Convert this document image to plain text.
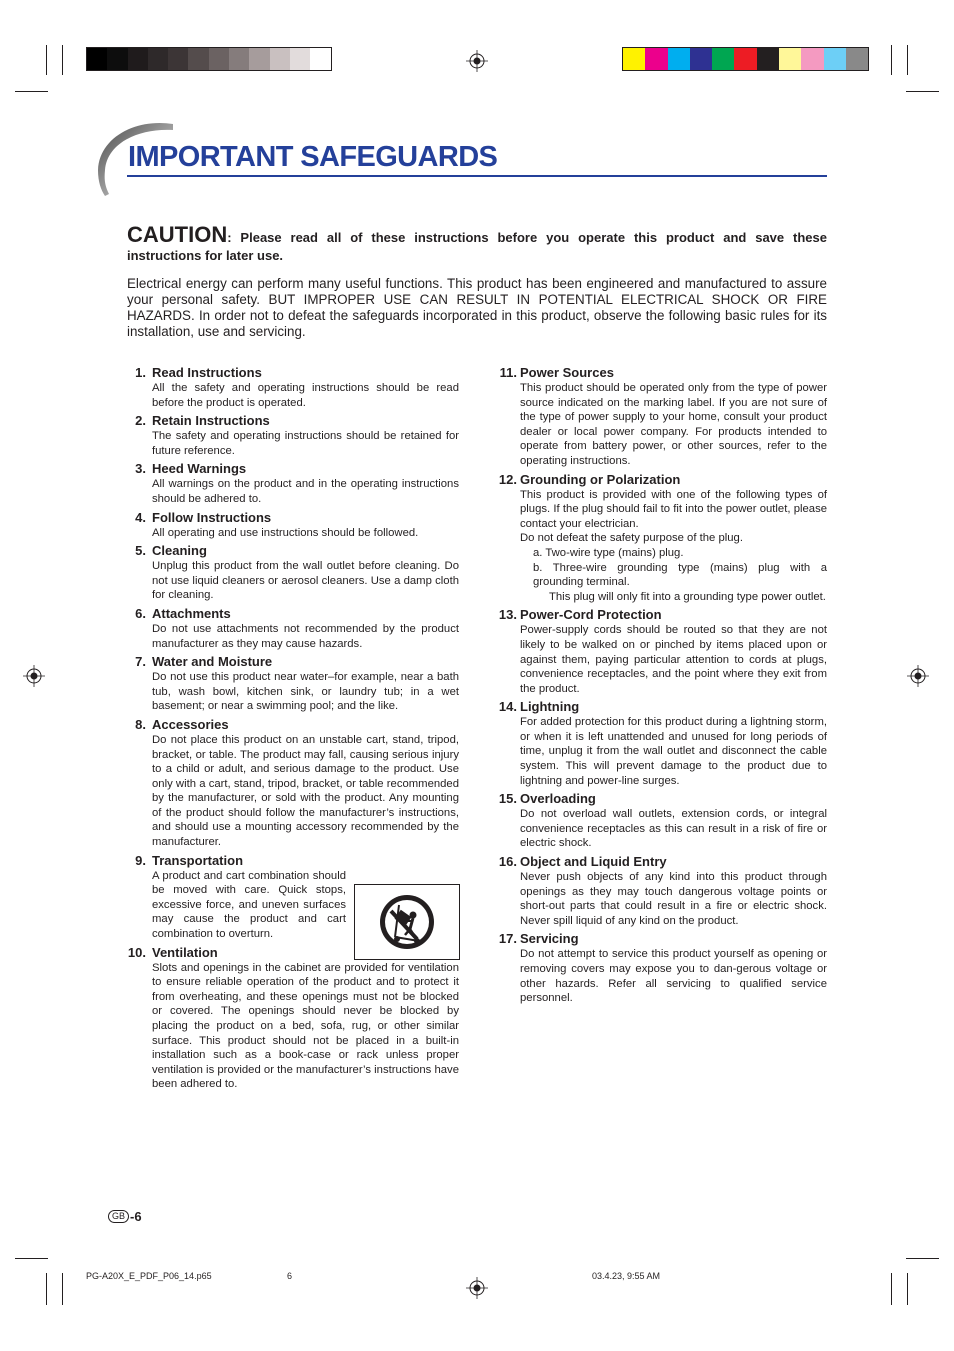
IMPORTANT SAFEGUARDS
CAUTION: Please read all of these instructions before you operate this product and save these instructions for later use.
Electrical energy can perform many useful functions. This product has been engineered and manufactured to assure your personal safety. BUT IMPROPER USE CAN RESULT IN POTENTIAL ELECTRICAL SHOCK OR FIRE HAZARDS. In order not to defeat the safeguards incorporated in this product, observe the following basic rules for its installation, use and servicing.
1. Read Instructions

All the safety and operating instructions should be read before the product is operated.

2. Retain Instructions

The safety and operating instructions should be retained for future reference.

3. Heed Warnings

All warnings on the product and in the operating instructions should be adhered to.

4. Follow Instructions

All operating and use instructions should be followed.

5. Cleaning

Unplug this product from the wall outlet before cleaning. Do not use liquid cleaners or aerosol cleaners. Use a damp cloth for cleaning.

6. Attachments

Do not use attachments not recommended by the product manufacturer as they may cause hazards.

7. Water and Moisture

Do not use this product near water–for example, near a bath tub, wash bowl, kitchen sink, or laundry tub; in a wet basement; or near a swimming pool; and the like.

8. Accessories

Do not place this product on an unstable cart, stand, tripod, bracket, or table. The product may fall, causing serious injury to a child or adult, and serious damage to the product. Use only with a cart, stand, tripod, bracket, or table recommended by the manufacturer, or sold with the product. Any mounting of the product should follow the manufacturer’s instructions, and should use a mounting accessory recommended by the manufacturer.

9. Transportation

A product and cart combination should be moved with care. Quick stops, excessive force, and uneven surfaces may cause the product and cart combination to overturn.

10. Ventilation

Slots and openings in the cabinet are provided for ventilation to ensure reliable operation of the product and to protect it from overheating, and these openings must not be blocked or covered. The openings should never be blocked by placing the product on a bed, sofa, rug, or other similar surface. This product should not be placed in a built-in installation such as a book-case or rack unless proper ventilation is provided or the manufacturer’s instructions have been adhered to.

11. Power Sources

This product should be operated only from the type of power source indicated on the marking label. If you are not sure of the type of power supply to your home, consult your product dealer or local power company. For products intended to operate from battery power, or other sources, refer to the operating instructions.

12. Grounding or Polarization

This product is provided with one of the following types of plugs. If the plug should fail to fit into the power outlet, please contact your electrician.

Do not defeat the safety purpose of the plug.

a. Two-wire type (mains) plug.

b. Three-wire grounding type (mains) plug with a grounding terminal.

This plug will only fit into a grounding type power outlet.

13. Power-Cord Protection

Power-supply cords should be routed so that they are not likely to be walked on or pinched by items placed upon or against them, paying particular attention to cords at plugs, convenience receptacles, and the point where they exit from the product.

14. Lightning

For added protection for this product during a lightning storm, or when it is left unattended and unused for long periods of time, unplug it from the wall outlet and disconnect the cable system. This will prevent damage to the product due to lightning and power-line surges.

15. Overloading

Do not overload wall outlets, extension cords, or integral convenience receptacles as this can result in a risk of fire or electric shock.

16. Object and Liquid Entry

Never push objects of any kind into this product through openings as they may touch dangerous voltage points or short-out parts that could result in a fire or electric shock. Never spill liquid of any kind on the product.

17. Servicing

Do not attempt to service this product yourself as opening or removing covers may expose you to dan-gerous voltage or other hazards. Refer all servicing to qualified service personnel.

GB -6
PG-A20X_E_PDF_P06_14.p65	6	03.4.23, 9:55 AM
